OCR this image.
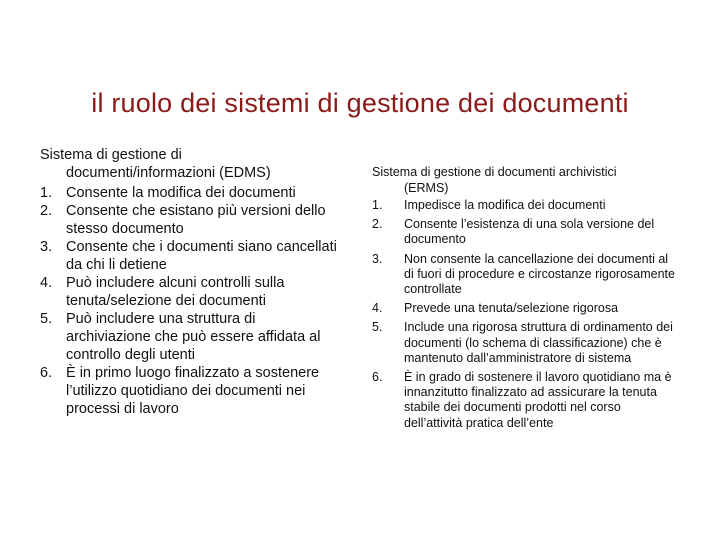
il ruolo dei sistemi di gestione dei documenti
Sistema di gestione di
documenti/informazioni (EDMS)
1. Consente la modifica dei documenti
2. Consente che esistano più versioni dello stesso documento
3. Consente che i documenti siano cancellati da chi li detiene
4. Può includere alcuni controlli sulla tenuta/selezione dei documenti
5. Può includere una struttura di archiviazione che può essere affidata al controllo degli utenti
6. È in primo luogo finalizzato a sostenere l’utilizzo quotidiano dei documenti nei processi di lavoro
Sistema di gestione di documenti archivistici
(ERMS)
1. Impedisce la modifica dei documenti
2. Consente l’esistenza di una sola versione del documento
3. Non consente la cancellazione dei documenti al di fuori di procedure e circostanze rigorosamente controllate
4. Prevede una tenuta/selezione rigorosa
5. Include una rigorosa struttura di ordinamento dei documenti (lo schema di classificazione) che è mantenuto dall’amministratore di sistema
6. È in grado di sostenere il lavoro quotidiano ma è innanzitutto finalizzato ad assicurare la tenuta stabile dei documenti prodotti nel corso dell’attività pratica dell’ente
